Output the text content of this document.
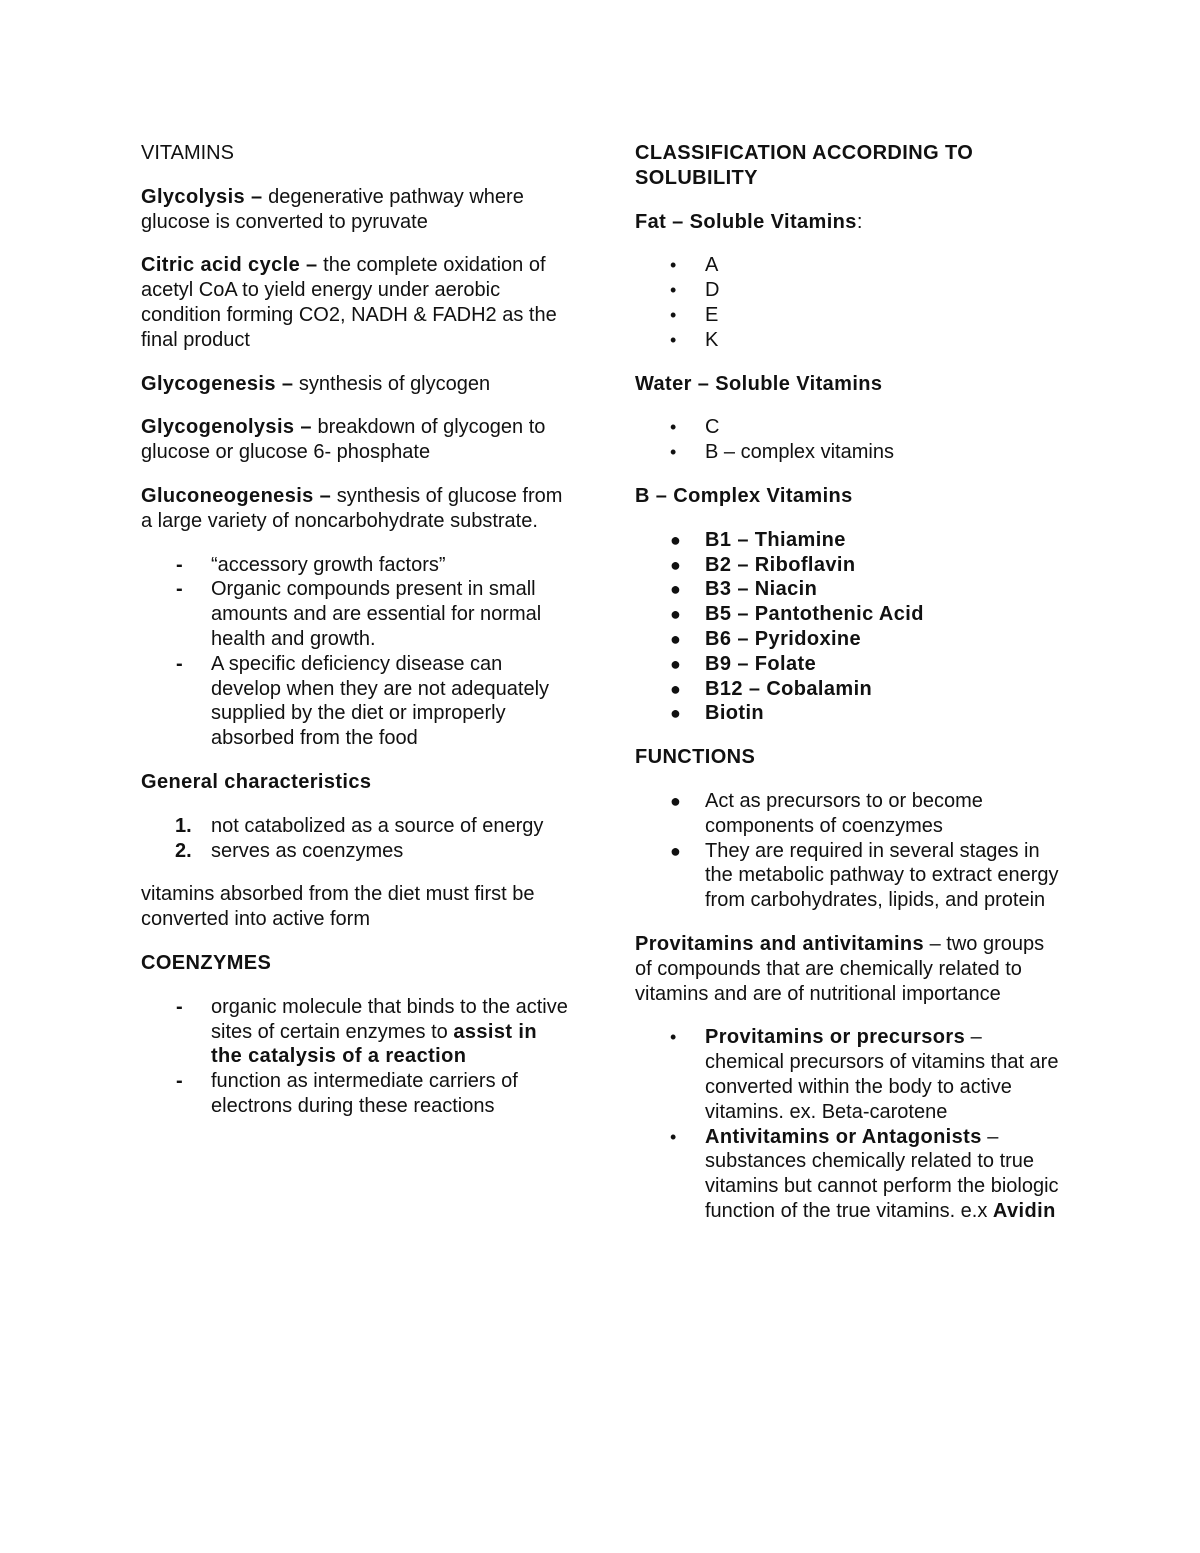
VITAMINS

Glycolysis – degenerative pathway where glucose is converted to pyruvate

Citric acid cycle – the complete oxidation of acetyl CoA to yield energy under aerobic condition forming CO2, NADH & FADH2 as the final product

Glycogenesis – synthesis of glycogen

Glycogenolysis – breakdown of glycogen to glucose or glucose 6- phosphate

Gluconeogenesis – synthesis of glucose from a large variety of noncarbohydrate substrate.

- “accessory growth factors”
- Organic compounds present in small amounts and are essential for normal health and growth.
- A specific deficiency disease can develop when they are not adequately supplied by the diet or improperly absorbed from the food

General characteristics

1. not catabolized as a source of energy
2. serves as coenzymes

vitamins absorbed from the diet must first be converted into active form

COENZYMES

- organic molecule that binds to the active sites of certain enzymes to assist in the catalysis of a reaction
- function as intermediate carriers of electrons during these reactions

CLASSIFICATION ACCORDING TO SOLUBILITY

Fat – Soluble Vitamins:

• A
• D
• E
• K

Water – Soluble Vitamins

• C
• B – complex vitamins

B – Complex Vitamins

● B1 – Thiamine
● B2 – Riboflavin
● B3 – Niacin
● B5 – Pantothenic Acid
● B6 – Pyridoxine
● B9 – Folate
● B12 – Cobalamin
● Biotin

FUNCTIONS

● Act as precursors to or become components of coenzymes
● They are required in several stages in the metabolic pathway to extract energy from carbohydrates, lipids, and protein

Provitamins and antivitamins – two groups of compounds that are chemically related to vitamins and are of nutritional importance

• Provitamins or precursors – chemical precursors of vitamins that are converted within the body to active vitamins. ex. Beta-carotene
• Antivitamins or Antagonists – substances chemically related to true vitamins but cannot perform the biologic function of the true vitamins. e.x Avidin
